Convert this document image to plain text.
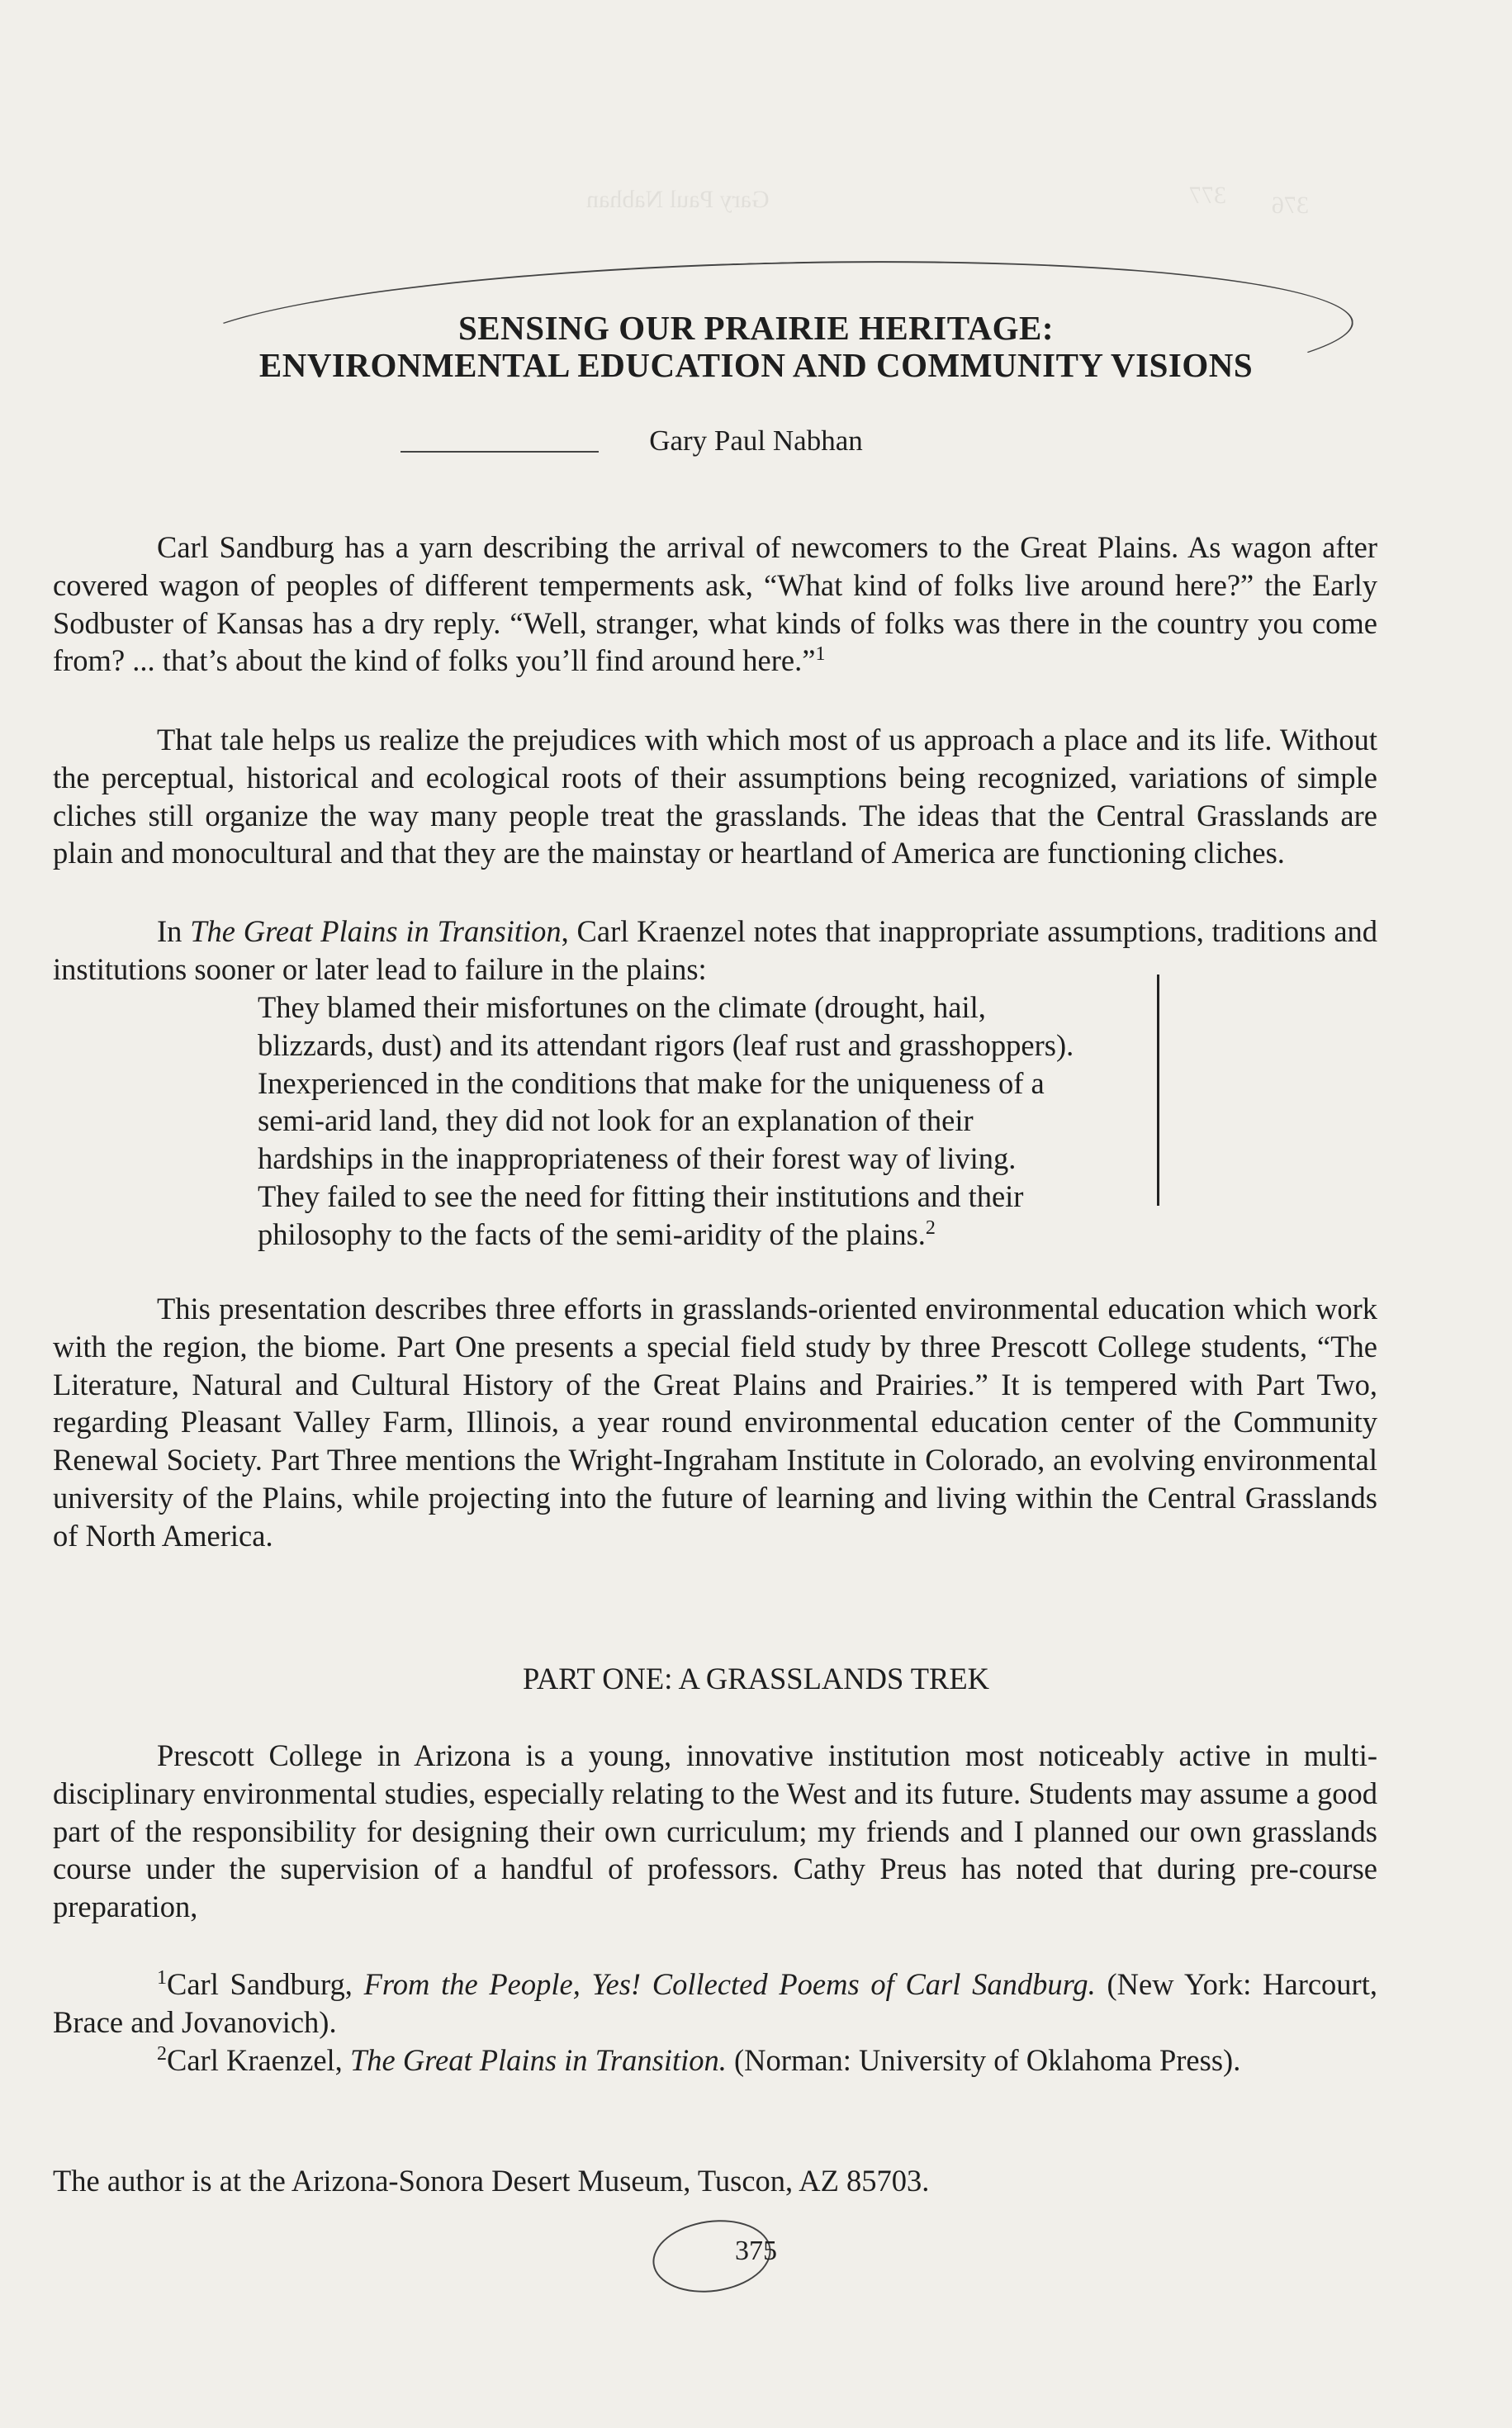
Gary Paul Nabhan	376
377
SENSING OUR PRAIRIE HERITAGE:
ENVIRONMENTAL EDUCATION AND COMMUNITY VISIONS

Gary Paul Nabhan

Carl Sandburg has a yarn describing the arrival of newcomers to the Great Plains. As wagon after covered wagon of peoples of different temperments ask, “What kind of folks live around here?” the Early Sodbuster of Kansas has a dry reply. “Well, stranger, what kinds of folks was there in the country you come from? ... that’s about the kind of folks you’ll find around here.”$^1$

That tale helps us realize the prejudices with which most of us approach a place and its life. Without the perceptual, historical and ecological roots of their assumptions being recognized, variations of simple cliches still organize the way many people treat the grasslands. The ideas that the Central Grasslands are plain and monocultural and that they are the mainstay or heartland of America are functioning cliches.

In The Great Plains in Transition, Carl Kraenzel notes that inappropriate assumptions, traditions and institutions sooner or later lead to failure in the plains:

They blamed their misfortunes on the climate (drought, hail, blizzards, dust) and its attendant rigors (leaf rust and grasshoppers). Inexperienced in the conditions that make for the uniqueness of a semi-arid land, they did not look for an explanation of their hardships in the inappropriateness of their forest way of living. They failed to see the need for fitting their institutions and their philosophy to the facts of the semi-aridity of the plains.$^2$

This presentation describes three efforts in grasslands-oriented environmental education which work with the region, the biome. Part One presents a special field study by three Prescott College students, “The Literature, Natural and Cultural History of the Great Plains and Prairies.” It is tempered with Part Two, regarding Pleasant Valley Farm, Illinois, a year round environmental education center of the Community Renewal Society. Part Three mentions the Wright-Ingraham Institute in Colorado, an evolving environmental university of the Plains, while projecting into the future of learning and living within the Central Grasslands of North America.

PART ONE: A GRASSLANDS TREK

Prescott College in Arizona is a young, innovative institution most noticeably active in multi-disciplinary environmental studies, especially relating to the West and its future. Students may assume a good part of the responsibility for designing their own curriculum; my friends and I planned our own grasslands course under the supervision of a handful of professors. Cathy Preus has noted that during pre-course preparation,

$^1$Carl Sandburg, From the People, Yes! Collected Poems of Carl Sandburg. (New York: Harcourt, Brace and Jovanovich).

$^2$Carl Kraenzel, The Great Plains in Transition. (Norman: University of Oklahoma Press).

The author is at the Arizona-Sonora Desert Museum, Tuscon, AZ 85703.

375
